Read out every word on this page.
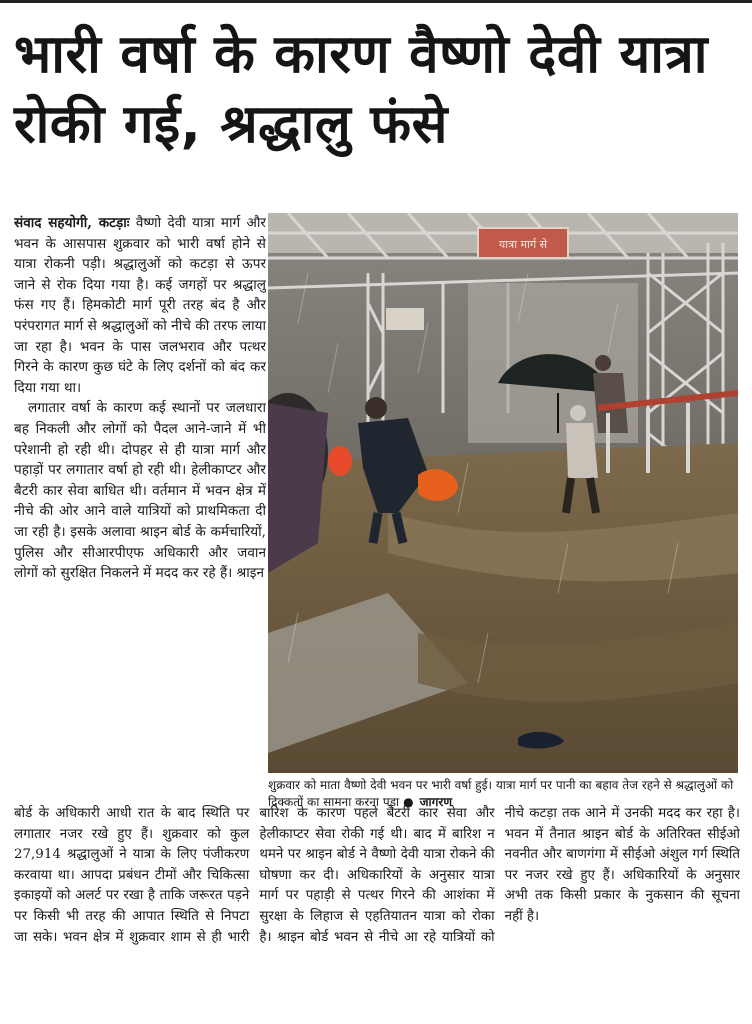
भारी वर्षा के कारण वैष्णो देवी यात्रा रोकी गई, श्रद्धालु फंसे

संवाद सहयोगी, कटड़ाः वैष्णो देवी यात्रा मार्ग और भवन के आसपास शुक्रवार को भारी वर्षा होने से यात्रा रोकनी पड़ी। श्रद्धालुओं को कटड़ा से ऊपर जाने से रोक दिया गया है। कई जगहों पर श्रद्धालु फंस गए हैं। हिमकोटी मार्ग पूरी तरह बंद है और परंपरागत मार्ग से श्रद्धालुओं को नीचे की तरफ लाया जा रहा है। भवन के पास जलभराव और पत्थर गिरने के कारण कुछ घंटे के लिए दर्शनों को बंद कर दिया गया था।

लगातार वर्षा के कारण कई स्थानों पर जलधारा बह निकली और लोगों को पैदल आने-जाने में भी परेशानी हो रही थी। दोपहर से ही यात्रा मार्ग और पहाड़ों पर लगातार वर्षा हो रही थी। हेलीकाप्टर और बैटरी कार सेवा बाधित थी। वर्तमान में भवन क्षेत्र में नीचे की ओर आने वाले यात्रियों को प्राथमिकता दी जा रही है। इसके अलावा श्राइन बोर्ड के कर्मचारियों, पुलिस और सीआरपीएफ अधिकारी और जवान लोगों को सुरक्षित निकलने में मदद कर रहे हैं। श्राइन

यात्रा मार्ग से
शुक्रवार को माता वैष्णो देवी भवन पर भारी वर्षा हुई। यात्रा मार्ग पर पानी का बहाव तेज रहने से श्रद्धालुओं को दिक्कतों का सामना करना पड़ा ● जागरण

बोर्ड के अधिकारी आधी रात के बाद स्थिति पर लगातार नजर रखे हुए हैं। शुक्रवार को कुल 27,914 श्रद्धालुओं ने यात्रा के लिए पंजीकरण करवाया था। आपदा प्रबंधन टीमों और चिकित्सा इकाइयों को अलर्ट पर रखा है ताकि जरूरत पड़ने पर किसी भी तरह की आपात स्थिति से निपटा जा सके। भवन क्षेत्र में शुक्रवार शाम से ही भारी बारिश के कारण पहले बैटरी कार सेवा और हेलीकाप्टर सेवा रोकी गई थी। बाद में बारिश न थमने पर श्राइन बोर्ड ने वैष्णो देवी यात्रा रोकने की घोषणा कर दी। अधिकारियों के अनुसार यात्रा मार्ग पर पहाड़ी से पत्थर गिरने की आशंका में सुरक्षा के लिहाज से एहतियातन यात्रा को रोका है। श्राइन बोर्ड भवन से नीचे आ रहे यात्रियों को नीचे कटड़ा तक आने में उनकी मदद कर रहा है। भवन में तैनात श्राइन बोर्ड के अतिरिक्त सीईओ नवनीत और बाणगंगा में सीईओ अंशुल गर्ग स्थिति पर नजर रखे हुए हैं। अधिकारियों के अनुसार अभी तक किसी प्रकार के नुकसान की सूचना नहीं है।
